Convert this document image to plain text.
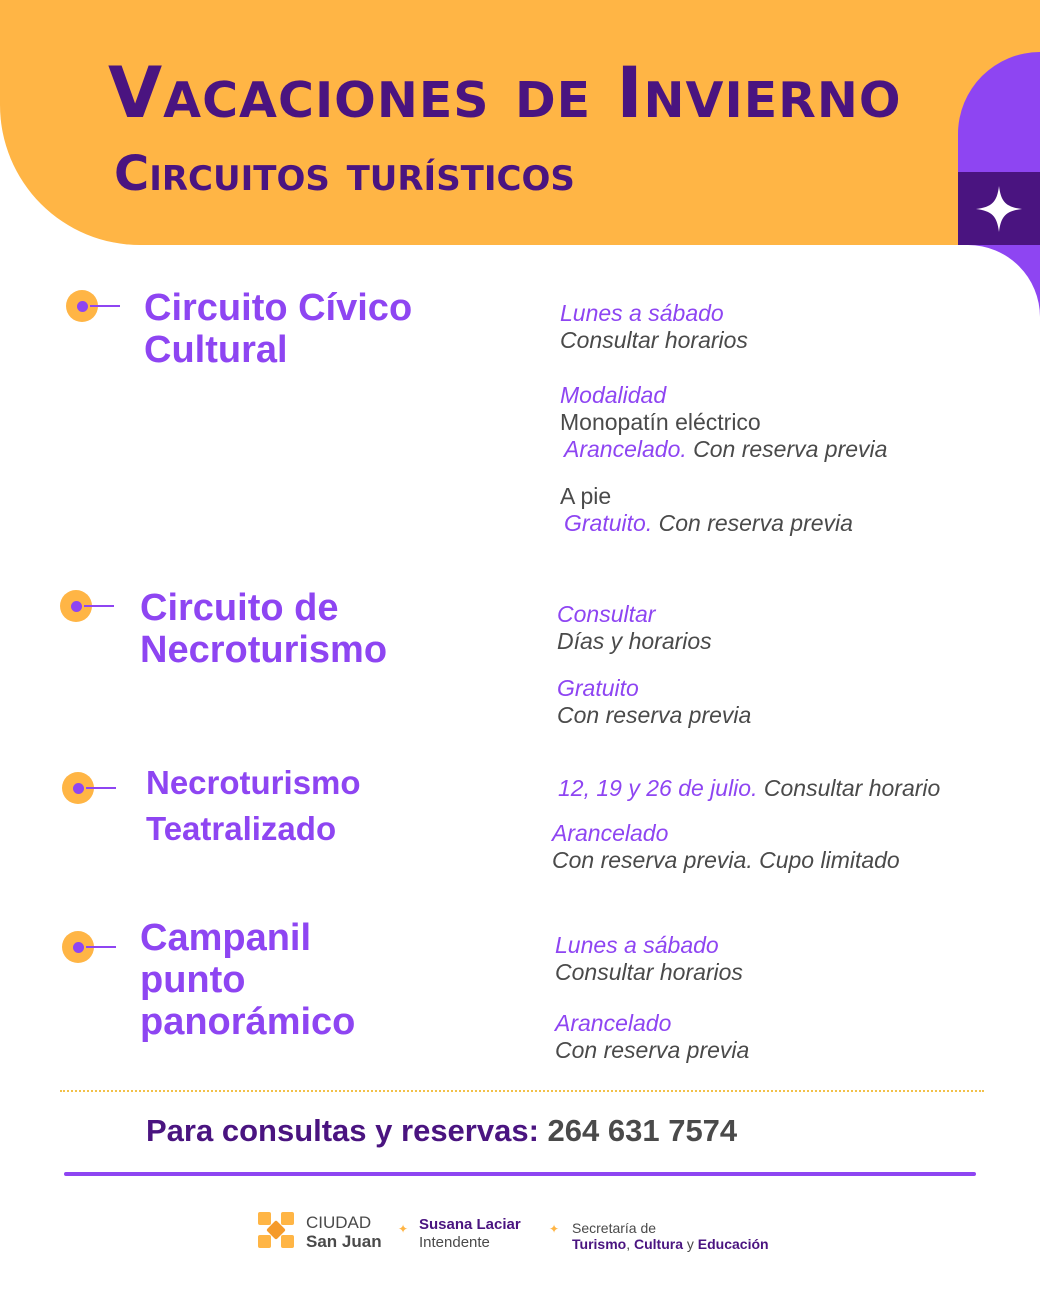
Vacaciones de Invierno
Circuitos turísticos
Circuito Cívico
Cultural
Lunes a sábado
Consultar horarios
Modalidad
Monopatín eléctrico
Arancelado. Con reserva previa
A pie
Gratuito. Con reserva previa
Circuito de
Necroturismo
Consultar
Días y horarios
Gratuito
Con reserva previa
Necroturismo
Teatralizado
12, 19 y 26 de julio. Consultar horario
Arancelado
Con reserva previa. Cupo limitado
Campanil
punto
panorámico
Lunes a sábado
Consultar horarios
Arancelado
Con reserva previa

Para consultas y reservas: 264 631 7574

CIUDAD
San Juan
✦ Susana Laciar
Intendente
✦ Secretaría de
Turismo, Cultura y Educación
